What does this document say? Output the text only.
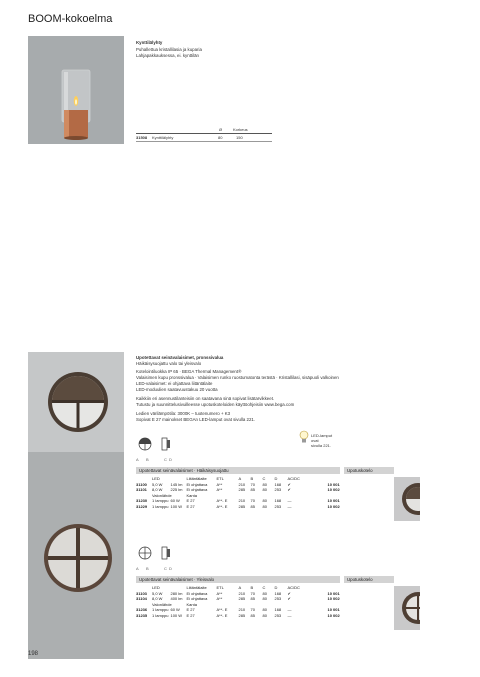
BOOM-kokoelma
Kynttilälyhty
Puhallettua kristallilasia ja kuparia
Lahjapakkauksessa, ei. kynttilän
Ø	Korkeus
31508 Kynttilälyhty	80	150
Upotettavat seinävalaisimet, pronssivalua
Häikäisysuojattu valo tai yleisvalo
Kotelointiluokka IP 65 · BEGA Thermal Management®
Valaisimen kupu pronssivalua · Valaisimen runko ruostumatonta terästä · Kristallilasi, sisäpuoli valkoinen
LED-valaisimet: ei ohjattava liitäntälaite
LED-moduulien saatavuustakuu 20 vuotta
Kaikkiin eri asennustilanteisiin on saatavana sinä sopivat lisätarvikkeet.
Tutustu ja suunnittelusivuilleesse upotuskoteloiden käyttöohjeisiin www.bega.com
Ledien värilämpötila: 3000K – tuotenumero + K3
Sopivat E 27 mainokset BEGAn LED-lamput ovat sivulla 221.
LED-lamput
ovat
sivulla 221.
A B	C D
Upotettavat seinävalaisimet · Häikäisysuojattu	Upotuskotelo
	LED		Liitäntälaite	ETL	A	B	C	D	AC/DC		
31100	5,0 W	145 lm	Ei ohjattava	A**	210	70	80	168	✔		10 001
31101	8,0 W	225 lm	Ei ohjattava	A**	285	85	80	253	✔		10 002
	Valonlähde		Kanta								
31230	1 lamppu	60 W	E 27	A**- E	210	70	80	168	—		10 001
31229	1 lamppu	100 W	E 27	A**- E	285	85	80	253	—		10 002
A B	C D
Upotettavat seinävalaisimet · Yleisvalo	Upotuskotelo
	LED		Liitäntälaite	ETL	A	B	C	D	AC/DC		
31103	5,0 W	280 lm	Ei ohjattava	A**	210	70	80	168	✔		10 001
31104	8,0 W	400 lm	Ei ohjattava	A**	285	85	80	253	✔		10 002
	Valonlähde		Kanta								
31236	1 lamppu	60 W	E 27	A**- E	210	70	80	168	—		10 001
31235	1 lamppu	100 W	E 27	A**- E	285	85	80	253	—		10 002
198
